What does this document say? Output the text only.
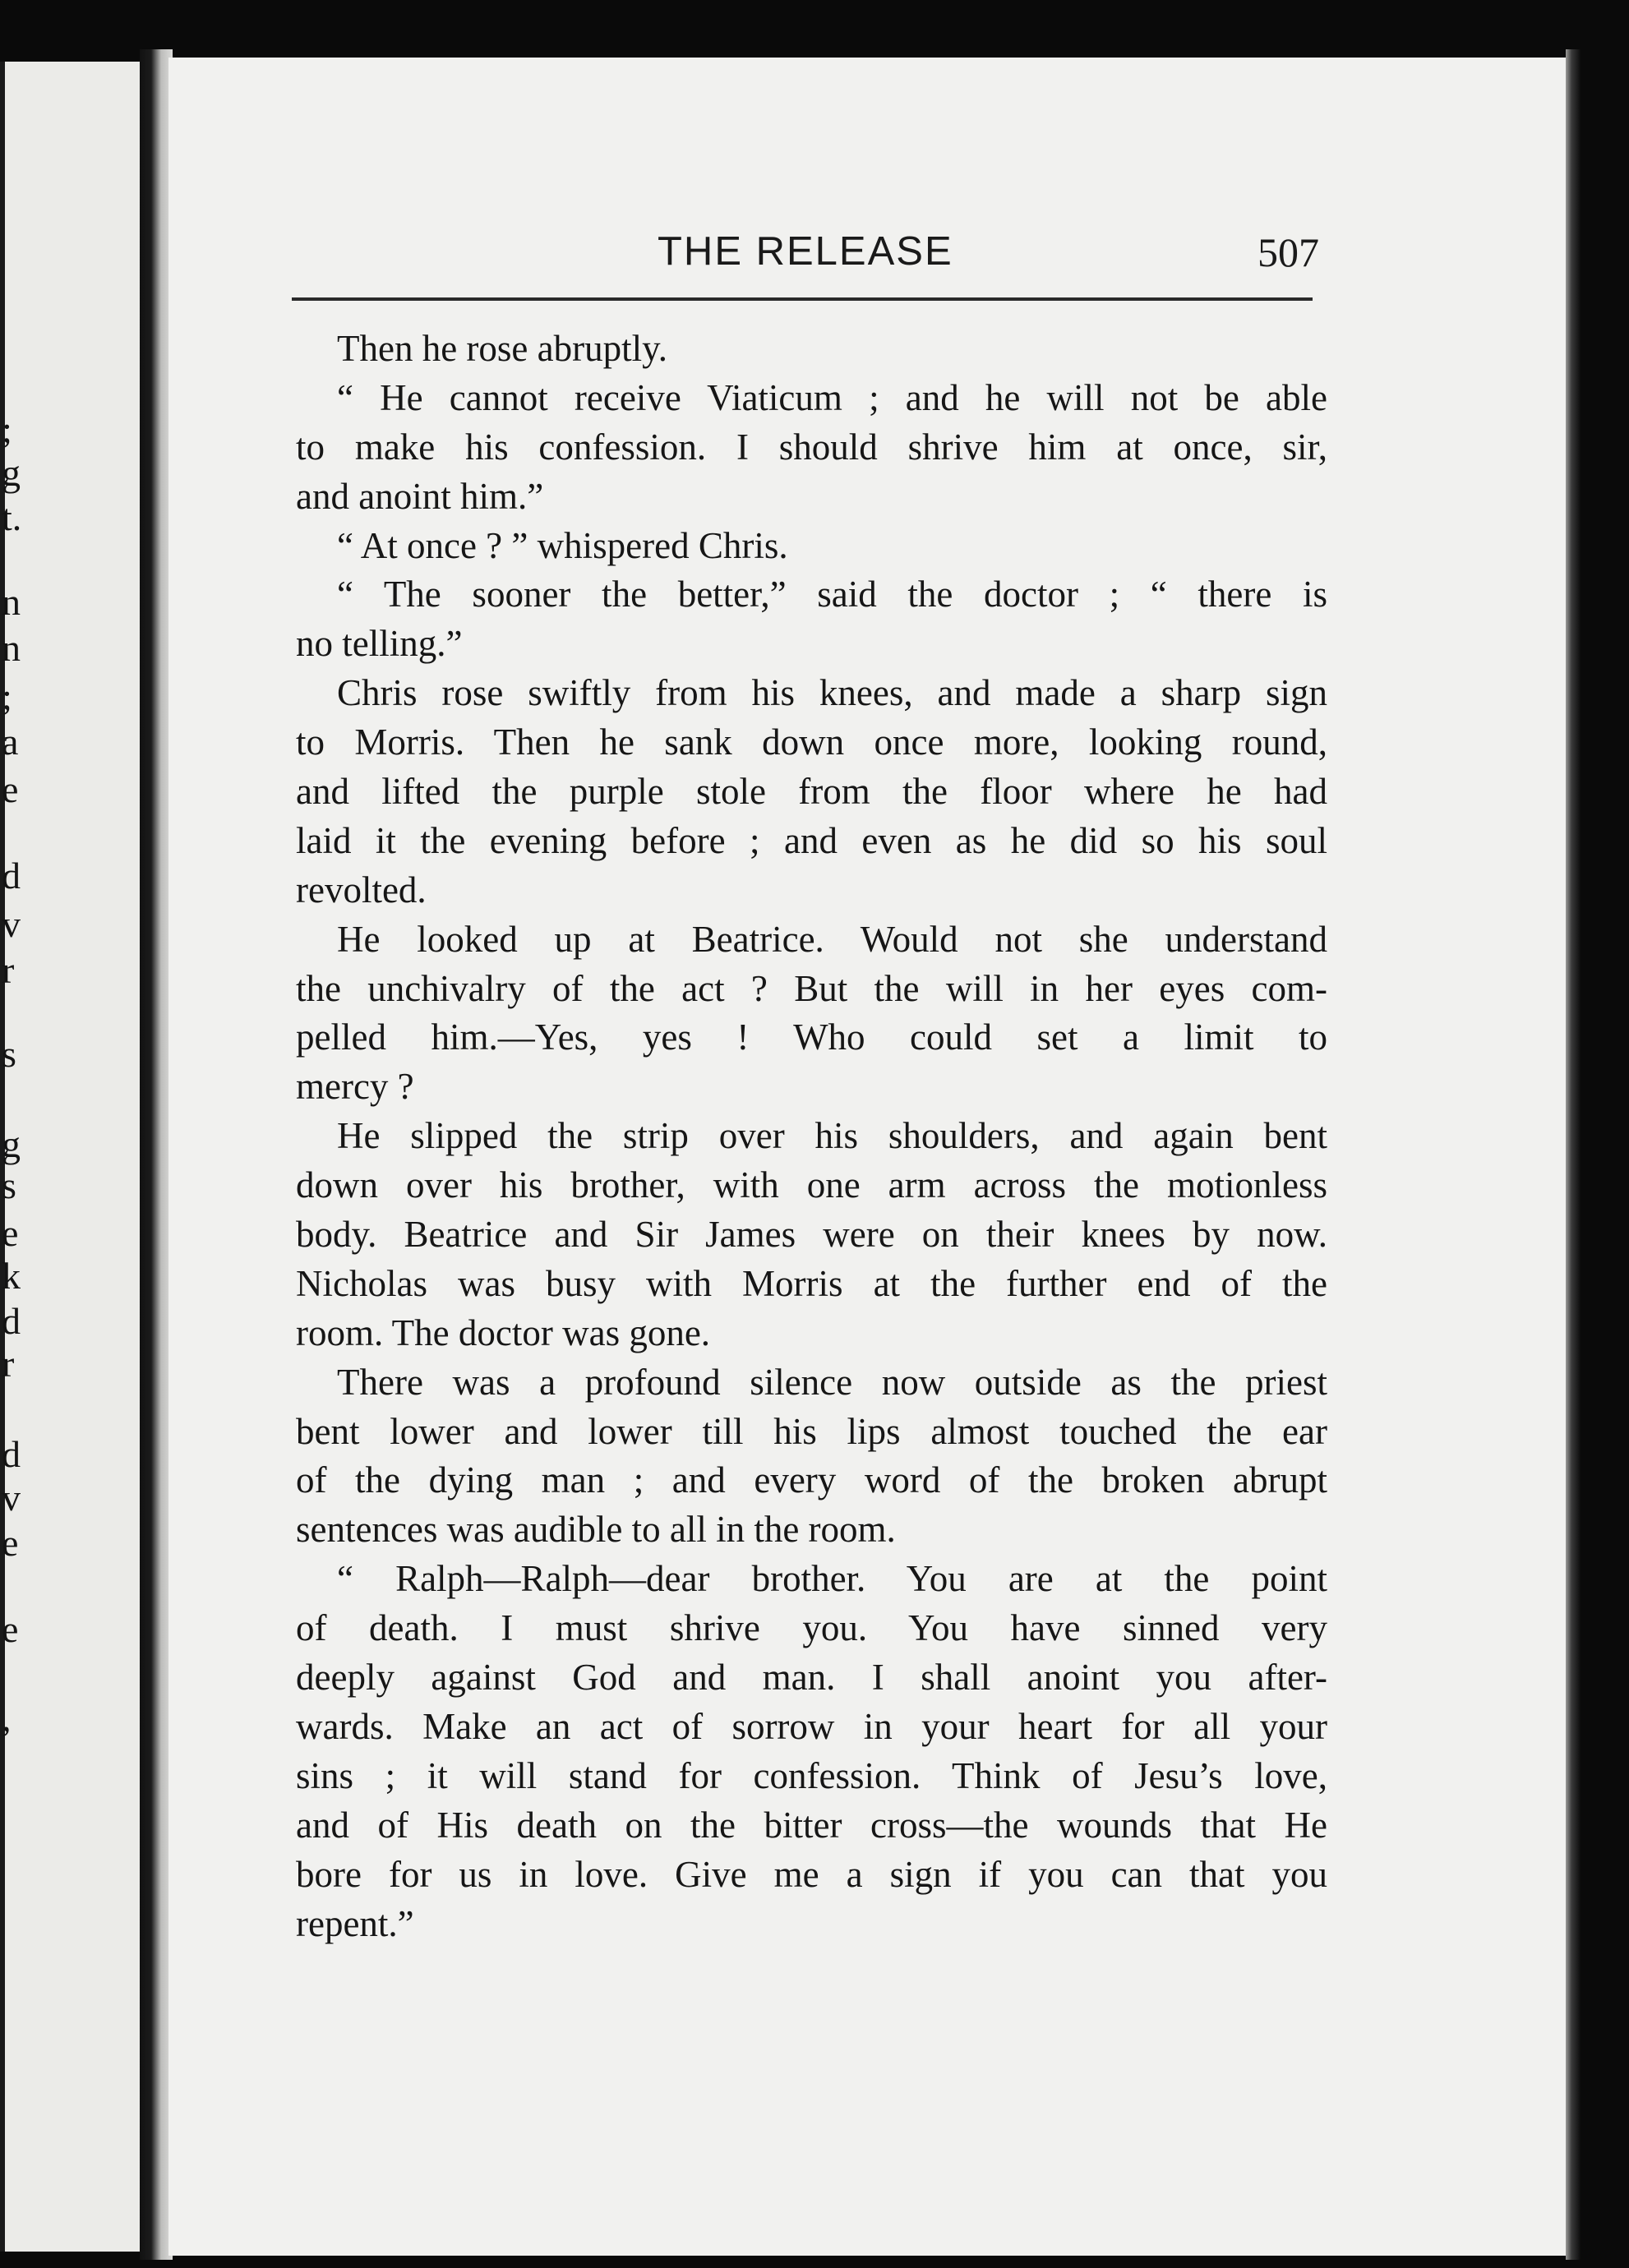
;
g
t.
n
n
;
a
e
d
v
r
s
g
s
e
k
d
r
d
v
e
e
,
THE RELEASE	507
Then he rose abruptly.
“ He cannot receive Viaticum ; and he will not be able
to make his confession. I should shrive him at once, sir,
and anoint him.”
“ At once ? ” whispered Chris.
“ The sooner the better,” said the doctor ; “ there is
no telling.”
Chris rose swiftly from his knees, and made a sharp sign
to Morris. Then he sank down once more, looking round,
and lifted the purple stole from the floor where he had
laid it the evening before ; and even as he did so his soul
revolted.
He looked up at Beatrice. Would not she understand
the unchivalry of the act ? But the will in her eyes com-
pelled him.—Yes, yes ! Who could set a limit to
mercy ?
He slipped the strip over his shoulders, and again bent
down over his brother, with one arm across the motionless
body. Beatrice and Sir James were on their knees by now.
Nicholas was busy with Morris at the further end of the
room. The doctor was gone.
There was a profound silence now outside as the priest
bent lower and lower till his lips almost touched the ear
of the dying man ; and every word of the broken abrupt
sentences was audible to all in the room.
“ Ralph—Ralph—dear brother. You are at the point
of death. I must shrive you. You have sinned very
deeply against God and man. I shall anoint you after-
wards. Make an act of sorrow in your heart for all your
sins ; it will stand for confession. Think of Jesu’s love,
and of His death on the bitter cross—the wounds that He
bore for us in love. Give me a sign if you can that you
repent.”
